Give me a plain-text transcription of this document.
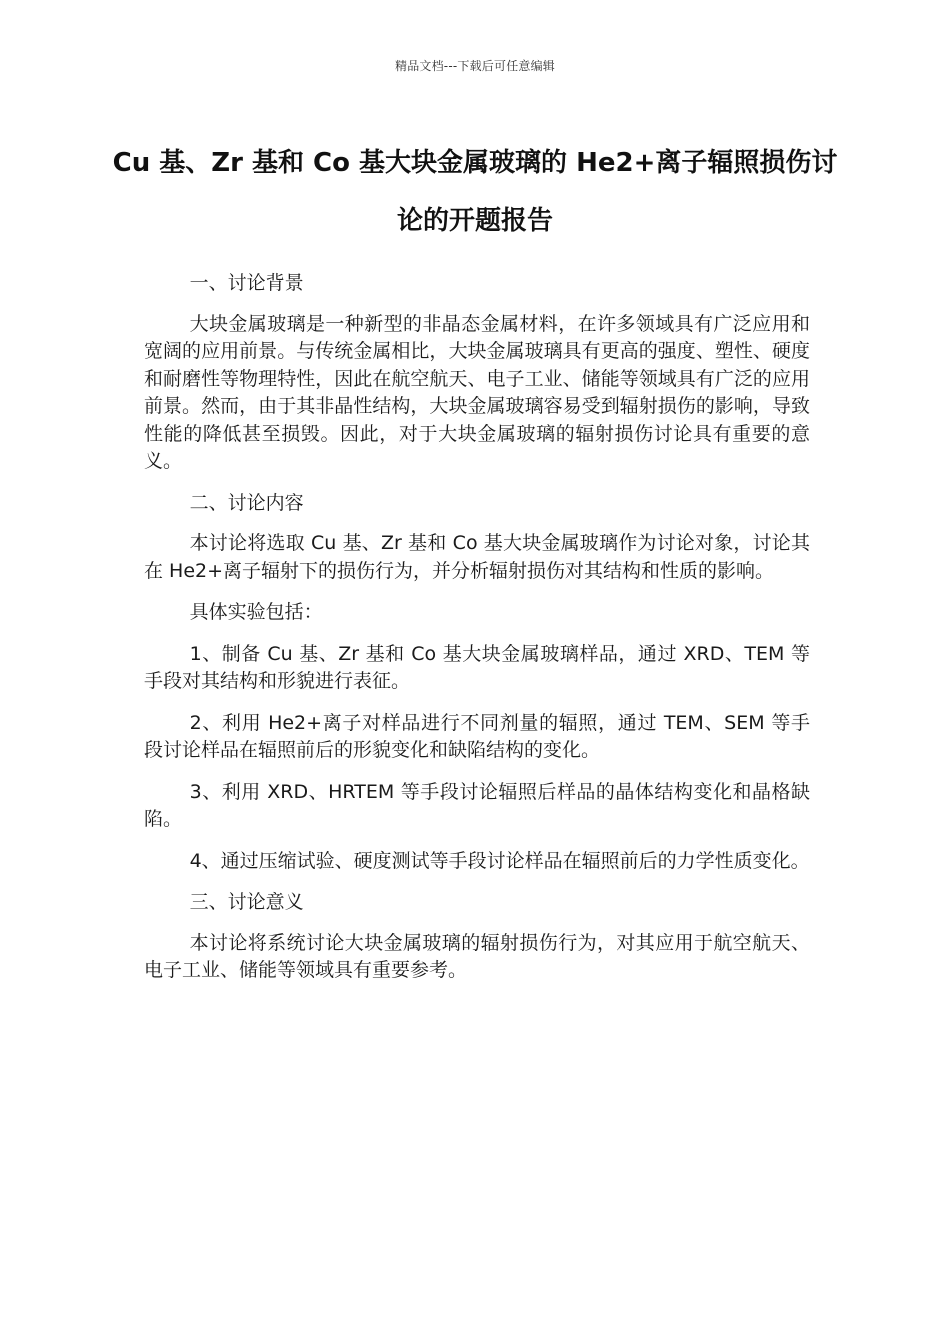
精品文档---下载后可任意编辑
Cu 基、Zr 基和 Co 基大块金属玻璃的 He2+离子辐照损伤讨论的开题报告

一、讨论背景

大块金属玻璃是一种新型的非晶态金属材料，在许多领域具有广泛应用和宽阔的应用前景。与传统金属相比，大块金属玻璃具有更高的强度、塑性、硬度和耐磨性等物理特性，因此在航空航天、电子工业、储能等领域具有广泛的应用前景。然而，由于其非晶性结构，大块金属玻璃容易受到辐射损伤的影响，导致性能的降低甚至损毁。因此，对于大块金属玻璃的辐射损伤讨论具有重要的意义。

二、讨论内容

本讨论将选取 Cu 基、Zr 基和 Co 基大块金属玻璃作为讨论对象，讨论其在 He2+离子辐射下的损伤行为，并分析辐射损伤对其结构和性质的影响。

具体实验包括：

1、制备 Cu 基、Zr 基和 Co 基大块金属玻璃样品，通过 XRD、TEM 等手段对其结构和形貌进行表征。

2、利用 He2+离子对样品进行不同剂量的辐照，通过 TEM、SEM 等手段讨论样品在辐照前后的形貌变化和缺陷结构的变化。

3、利用 XRD、HRTEM 等手段讨论辐照后样品的晶体结构变化和晶格缺陷。

4、通过压缩试验、硬度测试等手段讨论样品在辐照前后的力学性质变化。

三、讨论意义

本讨论将系统讨论大块金属玻璃的辐射损伤行为，对其应用于航空航天、电子工业、储能等领域具有重要参考。
